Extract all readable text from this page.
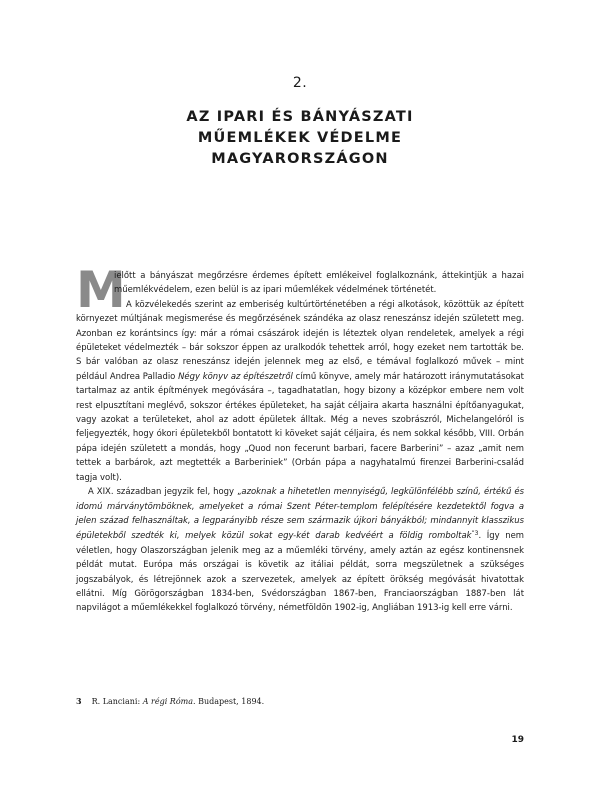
2.
AZ IPARI ÉS BÁNYÁSZATI
MŰEMLÉKEK VÉDELME
MAGYARORSZÁGON

M
ielőtt a bányászat megőrzésre érdemes épített emlékeivel foglalkoznánk, áttekintjük a hazai műemlékvédelem, ezen belül is az ipari műemlékek védelmének történetét.

A közvélekedés szerint az emberiség kultúrtörténetében a régi alkotások, közöttük az épített környezet múltjának megismerése és megőrzésének szándéka az olasz reneszánsz idején született meg. Azonban ez korántsincs így: már a római császárok idején is léteztek olyan rendeletek, amelyek a régi épületeket védelmezték – bár sokszor éppen az uralkodók tehettek arról, hogy ezeket nem tartották be. S bár valóban az olasz reneszánsz idején jelennek meg az első, e témával foglalkozó művek – mint például Andrea Palladio Négy könyv az építészetről című könyve, amely már határozott iránymutatásokat tartalmaz az antik építmények megóvására –, tagadhatatlan, hogy bizony a középkor embere nem volt rest elpusztítani meglévő, sokszor értékes épületeket, ha saját céljaira akarta használni építőanyagukat, vagy azokat a területeket, ahol az adott épületek álltak. Még a neves szobrászról, Michelangelóról is feljegyezték, hogy ókori épületekből bontatott ki köveket saját céljaira, és nem sokkal később, VIII. Orbán pápa idején született a mondás, hogy „Quod non fecerunt barbari, facere Barberini” – azaz „amit nem tettek a barbárok, azt megtették a Barberiniek” (Orbán pápa a nagyhatalmú firenzei Barberini-család tagja volt).

A XIX. században jegyzik fel, hogy „azoknak a hihetetlen mennyiségű, legkülönfélébb színű, értékű és idomú márványtömböknek, amelyeket a római Szent Péter-templom felépítésére kezdetektől fogva a jelen század felhasználtak, a legparányibb része sem származik újkori bányákból; mindannyit klasszikus épületekből szedték ki, melyek közül sokat egy-két darab kedvéért a földig romboltak$^{”3}$. Így nem véletlen, hogy Olaszországban jelenik meg az a műemléki törvény, amely aztán az egész kontinensnek példát mutat. Európa más országai is követik az itáliai példát, sorra megszületnek a szükséges jogszabályok, és létrejönnek azok a szervezetek, amelyek az épített örökség megóvását hivatottak ellátni. Míg Görögországban 1834-ben, Svédországban 1867-ben, Franciaországban 1887-ben lát napvilágot a műemlékekkel foglalkozó törvény, németföldön 1902-ig, Angliában 1913-ig kell erre várni.

3 R. Lanciani: A régi Róma. Budapest, 1894.
19
